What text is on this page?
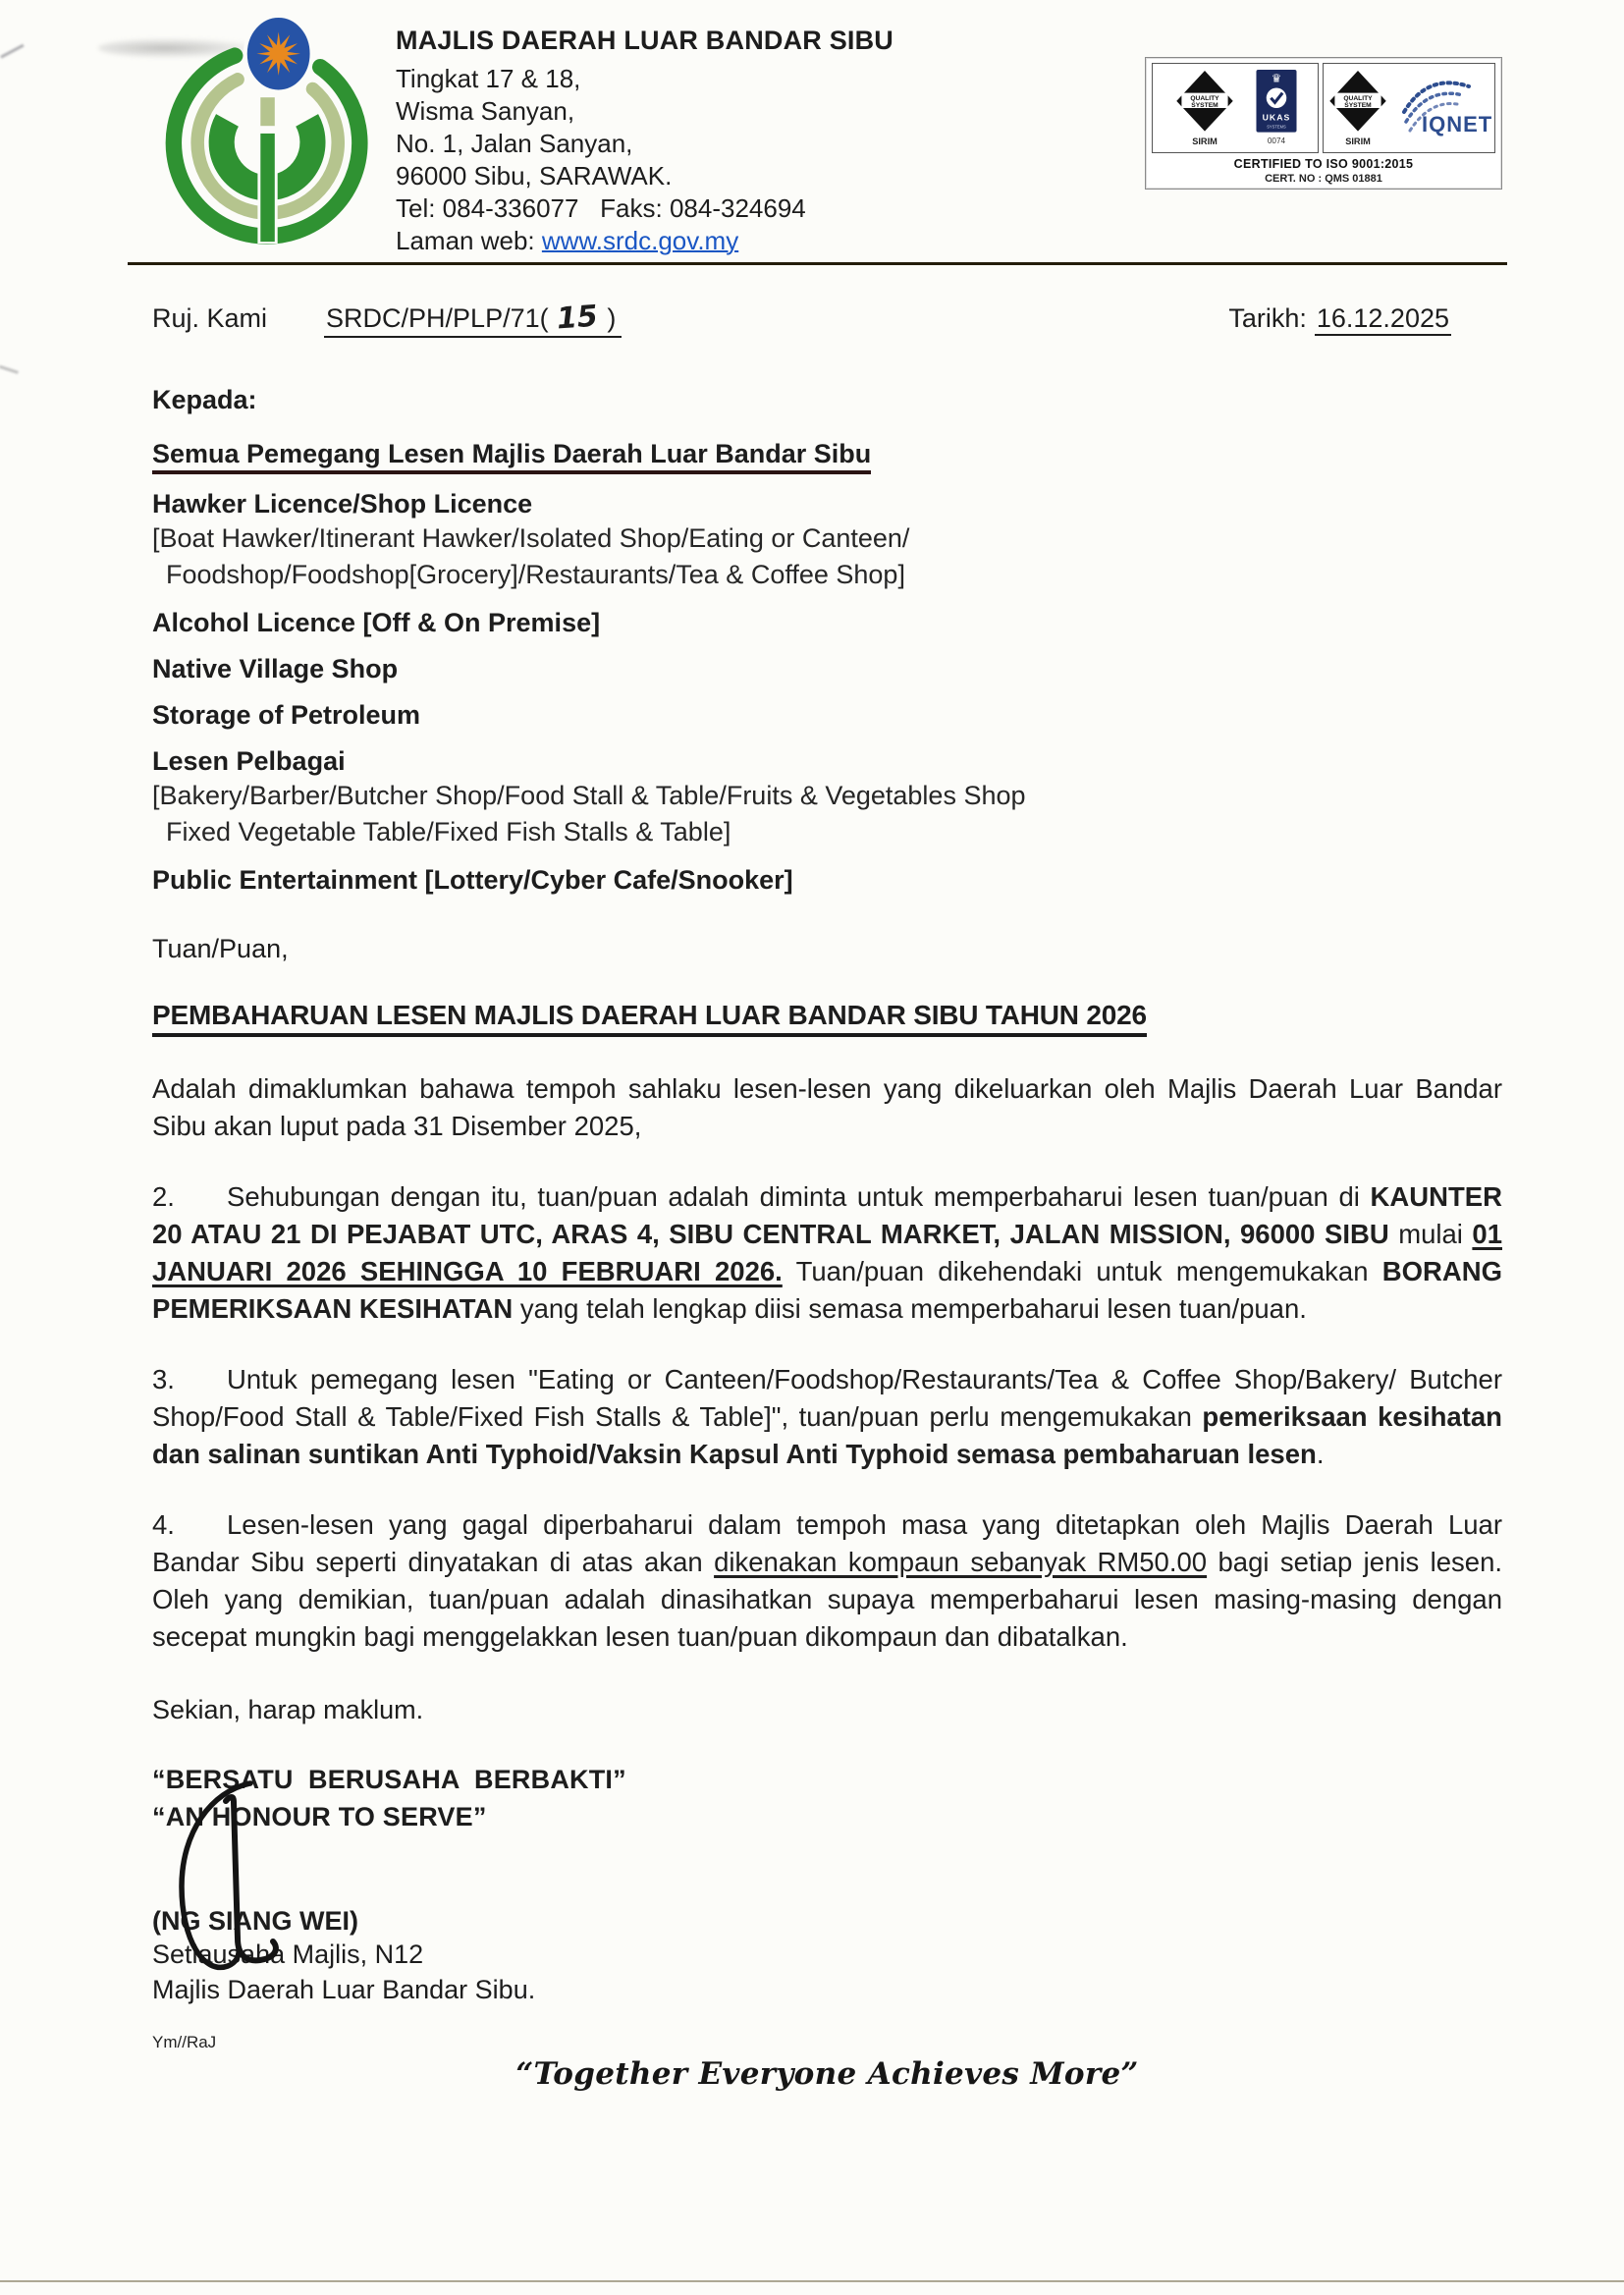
MAJLIS DAERAH LUAR BANDAR SIBU
Tingkat 17 & 18,
Wisma Sanyan,
No. 1, Jalan Sanyan,
96000 Sibu, SARAWAK.
Tel: 084-336077   Faks: 084-324694
Laman web: www.srdc.gov.my
QUALITY
SYSTEM
SIRIM
♛
UKAS
SYSTEMS
0074
QUALITY
SYSTEM
SIRIM
IQNET
CERTIFIED TO ISO 9001:2015
CERT. NO : QMS 01881
Ruj. Kami SRDC/PH/PLP/71( 15 )	Tarikh: 16.12.2025
Kepada:
Semua Pemegang Lesen Majlis Daerah Luar Bandar Sibu
Hawker Licence/Shop Licence
[Boat Hawker/Itinerant Hawker/Isolated Shop/Eating or Canteen/
Foodshop/Foodshop[Grocery]/Restaurants/Tea & Coffee Shop]
Alcohol Licence [Off & On Premise]
Native Village Shop
Storage of Petroleum
Lesen Pelbagai
[Bakery/Barber/Butcher Shop/Food Stall & Table/Fruits & Vegetables Shop
Fixed Vegetable Table/Fixed Fish Stalls & Table]
Public Entertainment [Lottery/Cyber Cafe/Snooker]
Tuan/Puan,
PEMBAHARUAN LESEN MAJLIS DAERAH LUAR BANDAR SIBU TAHUN 2026

Adalah dimaklumkan bahawa tempoh sahlaku lesen-lesen yang dikeluarkan oleh Majlis Daerah Luar Bandar Sibu akan luput pada 31 Disember 2025,

2. Sehubungan dengan itu, tuan/puan adalah diminta untuk memperbaharui lesen tuan/puan di KAUNTER 20 ATAU 21 DI PEJABAT UTC, ARAS 4, SIBU CENTRAL MARKET, JALAN MISSION, 96000 SIBU mulai 01 JANUARI 2026 SEHINGGA 10 FEBRUARI 2026. Tuan/puan dikehendaki untuk mengemukakan BORANG PEMERIKSAAN KESIHATAN yang telah lengkap diisi semasa memperbaharui lesen tuan/puan.

3. Untuk pemegang lesen "Eating or Canteen/Foodshop/Restaurants/Tea & Coffee Shop/Bakery/ Butcher Shop/Food Stall & Table/Fixed Fish Stalls & Table]", tuan/puan perlu mengemukakan pemeriksaan kesihatan dan salinan suntikan Anti Typhoid/Vaksin Kapsul Anti Typhoid semasa pembaharuan lesen.

4. Lesen-lesen yang gagal diperbaharui dalam tempoh masa yang ditetapkan oleh Majlis Daerah Luar Bandar Sibu seperti dinyatakan di atas akan dikenakan kompaun sebanyak RM50.00 bagi setiap jenis lesen. Oleh yang demikian, tuan/puan adalah dinasihatkan supaya memperbaharui lesen masing-masing dengan secepat mungkin bagi menggelakkan lesen tuan/puan dikompaun dan dibatalkan.

Sekian, harap maklum.
“BERSATU  BERUSAHA  BERBAKTI”
“AN HONOUR TO SERVE”
(NG SIANG WEI)
Setiausaha Majlis, N12
Majlis Daerah Luar Bandar Sibu.
Ym//RaJ
“Together Everyone Achieves More”
